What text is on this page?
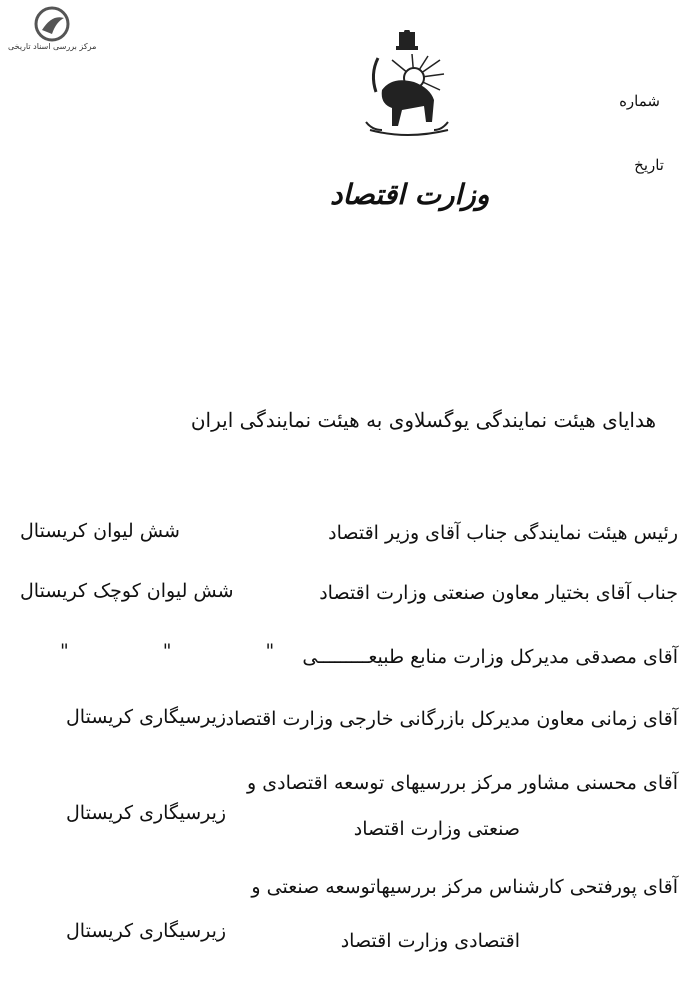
مرکز بررسی اسناد تاریخی
شماره
تاریخ
وزارت اقتصاد
هدایای هیئت نمایندگی یوگسلاوی به هیئت نمایندگی ایران
رئیس هیئت نمایندگی جناب آقای وزیر اقتصاد
شش لیوان کریستال
جناب آقای بختیار معاون صنعتی وزارت اقتصاد
شش لیوان کوچک کریستال
آقای مصدقی مدیرکل وزارت منابع طبیعـــــــــی
" " "
آقای زمانی معاون مدیرکل بازرگانی خارجی وزارت اقتصاد
زیرسیگاری کریستال
آقای محسنی مشاور مرکز بررسیهای توسعه اقتصادی و
صنعتی وزارت اقتصاد
زیرسیگاری کریستال
آقای پورفتحی کارشناس مرکز بررسیهاتوسعه صنعتی و
اقتصادی وزارت اقتصاد
زیرسیگاری کریستال
